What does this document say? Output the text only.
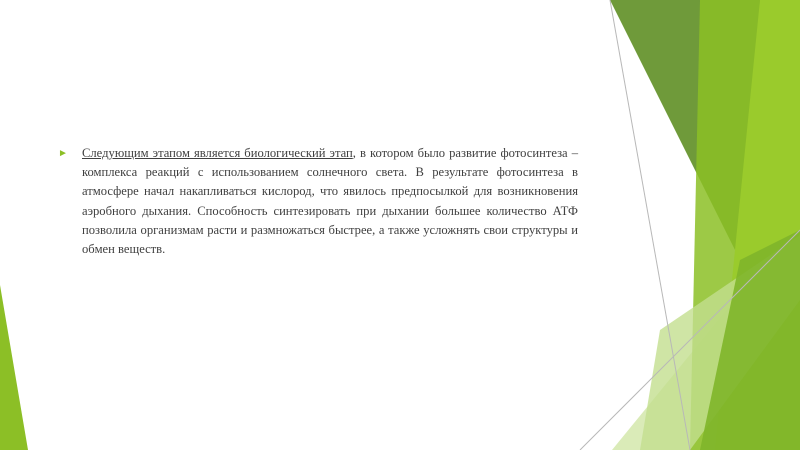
► Следующим этапом является биологический этап, в котором было развитие фотосинтеза – комплекса реакций с использованием солнечного света. В результате фотосинтеза в атмосфере начал накапливаться кислород, что явилось предпосылкой для возникновения аэробного дыхания. Способность синтезировать при дыхании большее количество АТФ позволила организмам расти и размножаться быстрее, а также усложнять свои структуры и обмен веществ.
